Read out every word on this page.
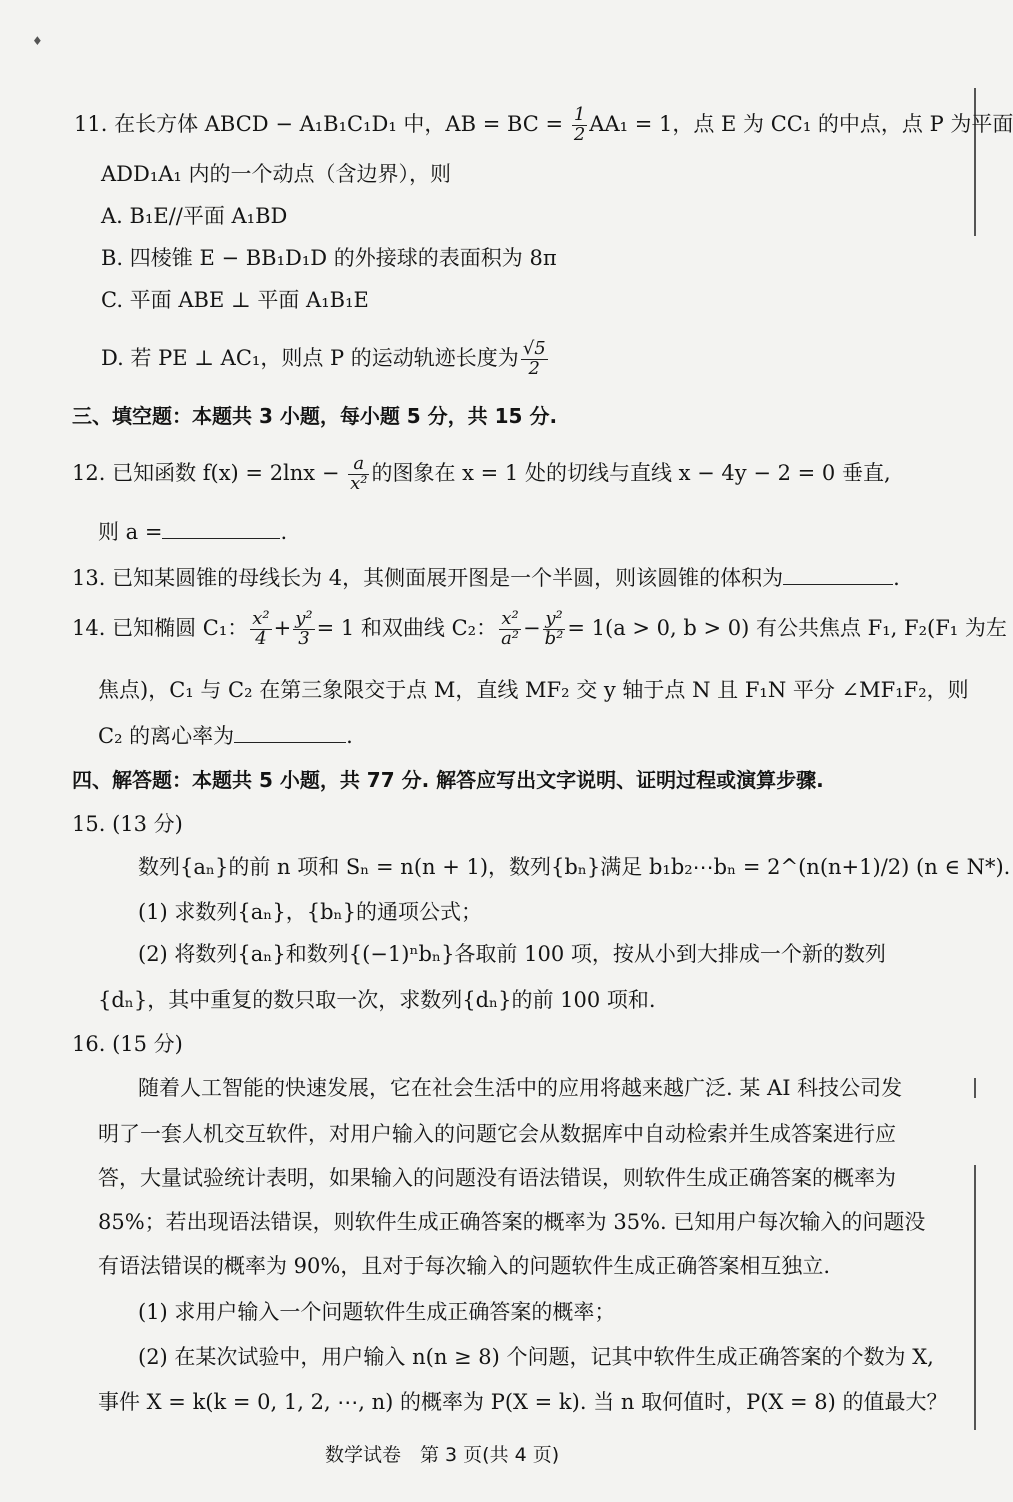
♦
11. 在长方体 ABCD − A₁B₁C₁D₁ 中，AB = BC = $\frac{1}{2} AA_1 = 1$，点 E 为 CC₁ 的中点，点 P 为平面
ADD₁A₁ 内的一个动点（含边界），则
A. B₁E//平面 A₁BD
B. 四棱锥 E − BB₁D₁D 的外接球的表面积为 8π
C. 平面 ABE ⊥ 平面 A₁B₁E
D. 若 PE ⊥ AC₁，则点 P 的运动轨迹长度为 $\frac{√5}{2}$
三、填空题：本题共 3 小题，每小题 5 分，共 15 分.
12. 已知函数 $f(x) = 2\ln x - \frac{a}{\text{x²}}$ 的图象在 x = 1 处的切线与直线 x − 4y − 2 = 0 垂直,
则 a =	.
13. 已知某圆锥的母线长为 4，其侧面展开图是一个半圆，则该圆锥的体积为	.
14. 已知椭圆 C₁： $\frac{\text{x²}}{4} + \frac{\text{y²}}{3} = 1$ 和双曲线 C₂： $\frac{\text{x²}}{\text{a²}} - \frac{\text{y²}}{\text{b²}} = 1(a > 0$, b > 0) 有公共焦点 F₁, F₂(F₁ 为左
焦点)，C₁ 与 C₂ 在第三象限交于点 M，直线 MF₂ 交 y 轴于点 N 且 F₁N 平分 ∠MF₁F₂，则
C₂ 的离心率为	.
四、解答题：本题共 5 小题，共 77 分. 解答应写出文字说明、证明过程或演算步骤.
15. (13 分)
数列{aₙ}的前 n 项和 Sₙ = n(n + 1)，数列{bₙ}满足 b₁b₂⋯bₙ = 2^(n(n+1)/2) (n ∈ N*).
(1) 求数列{aₙ}，{bₙ}的通项公式；
(2) 将数列{aₙ}和数列{(−1)ⁿbₙ}各取前 100 项，按从小到大排成一个新的数列
{dₙ}，其中重复的数只取一次，求数列{dₙ}的前 100 项和.
16. (15 分)
随着人工智能的快速发展，它在社会生活中的应用将越来越广泛. 某 AI 科技公司发
明了一套人机交互软件，对用户输入的问题它会从数据库中自动检索并生成答案进行应
答，大量试验统计表明，如果输入的问题没有语法错误，则软件生成正确答案的概率为
85%；若出现语法错误，则软件生成正确答案的概率为 35%. 已知用户每次输入的问题没
有语法错误的概率为 90%，且对于每次输入的问题软件生成正确答案相互独立.
(1) 求用户输入一个问题软件生成正确答案的概率；
(2) 在某次试验中，用户输入 n(n ≥ 8) 个问题，记其中软件生成正确答案的个数为 X,
事件 X = k(k = 0, 1, 2, ⋯, n) 的概率为 P(X = k). 当 n 取何值时，P(X = 8) 的值最大？
数学试卷　第 3 页(共 4 页)
